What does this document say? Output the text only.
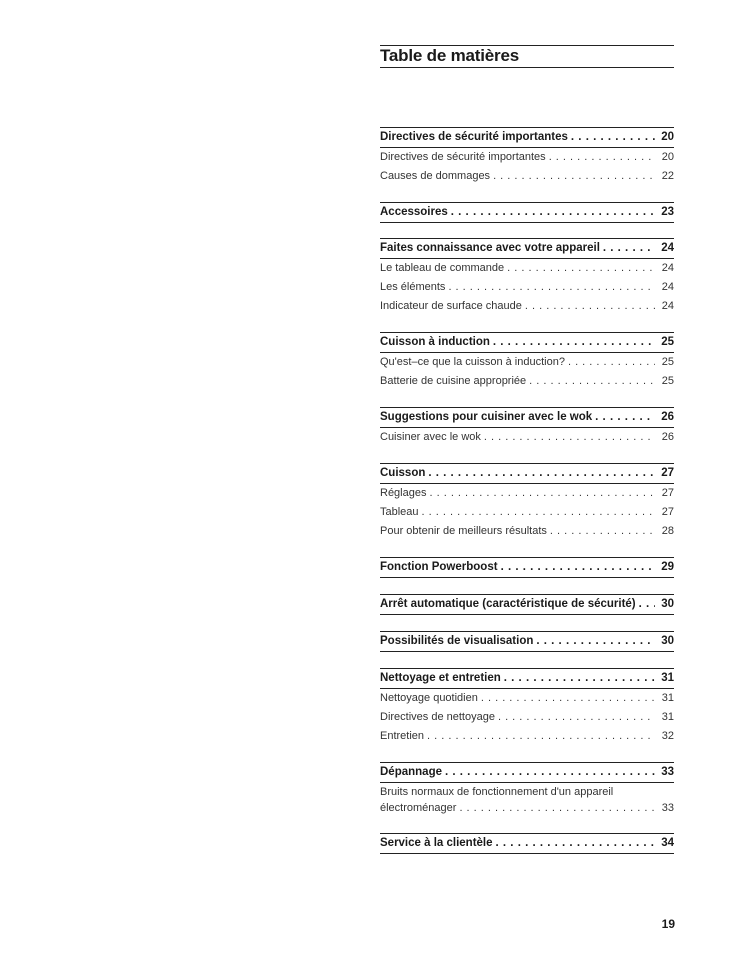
Table de matières
Directives de sécurité importantes . . .	20
Directives de sécurité importantes . . .	20
Causes de dommages . . .	22
Accessoires . . .	23
Faites connaissance avec votre appareil . . .	24
Le tableau de commande . . .	24
Les éléments . . .	24
Indicateur de surface chaude . . .	24
Cuisson à induction . . .	25
Qu'est–ce que la cuisson à induction? . . .	25
Batterie de cuisine appropriée . . .	25
Suggestions pour cuisiner avec le wok . . .	26
Cuisiner avec le wok . . .	26
Cuisson . . .	27
Réglages . . .	27
Tableau . . .	27
Pour obtenir de meilleurs résultats . . .	28
Fonction Powerboost . . .	29
Arrêt automatique (caractéristique de sécurité) . . . 30
Possibilités de visualisation . . .	30
Nettoyage et entretien . . .	31
Nettoyage quotidien . . .	31
Directives de nettoyage . . .	31
Entretien . . .	32
Dépannage . . .	33
Bruits normaux de fonctionnement d'un appareil
électroménager . . .	33
Service à la clientèle . . .	34
19
